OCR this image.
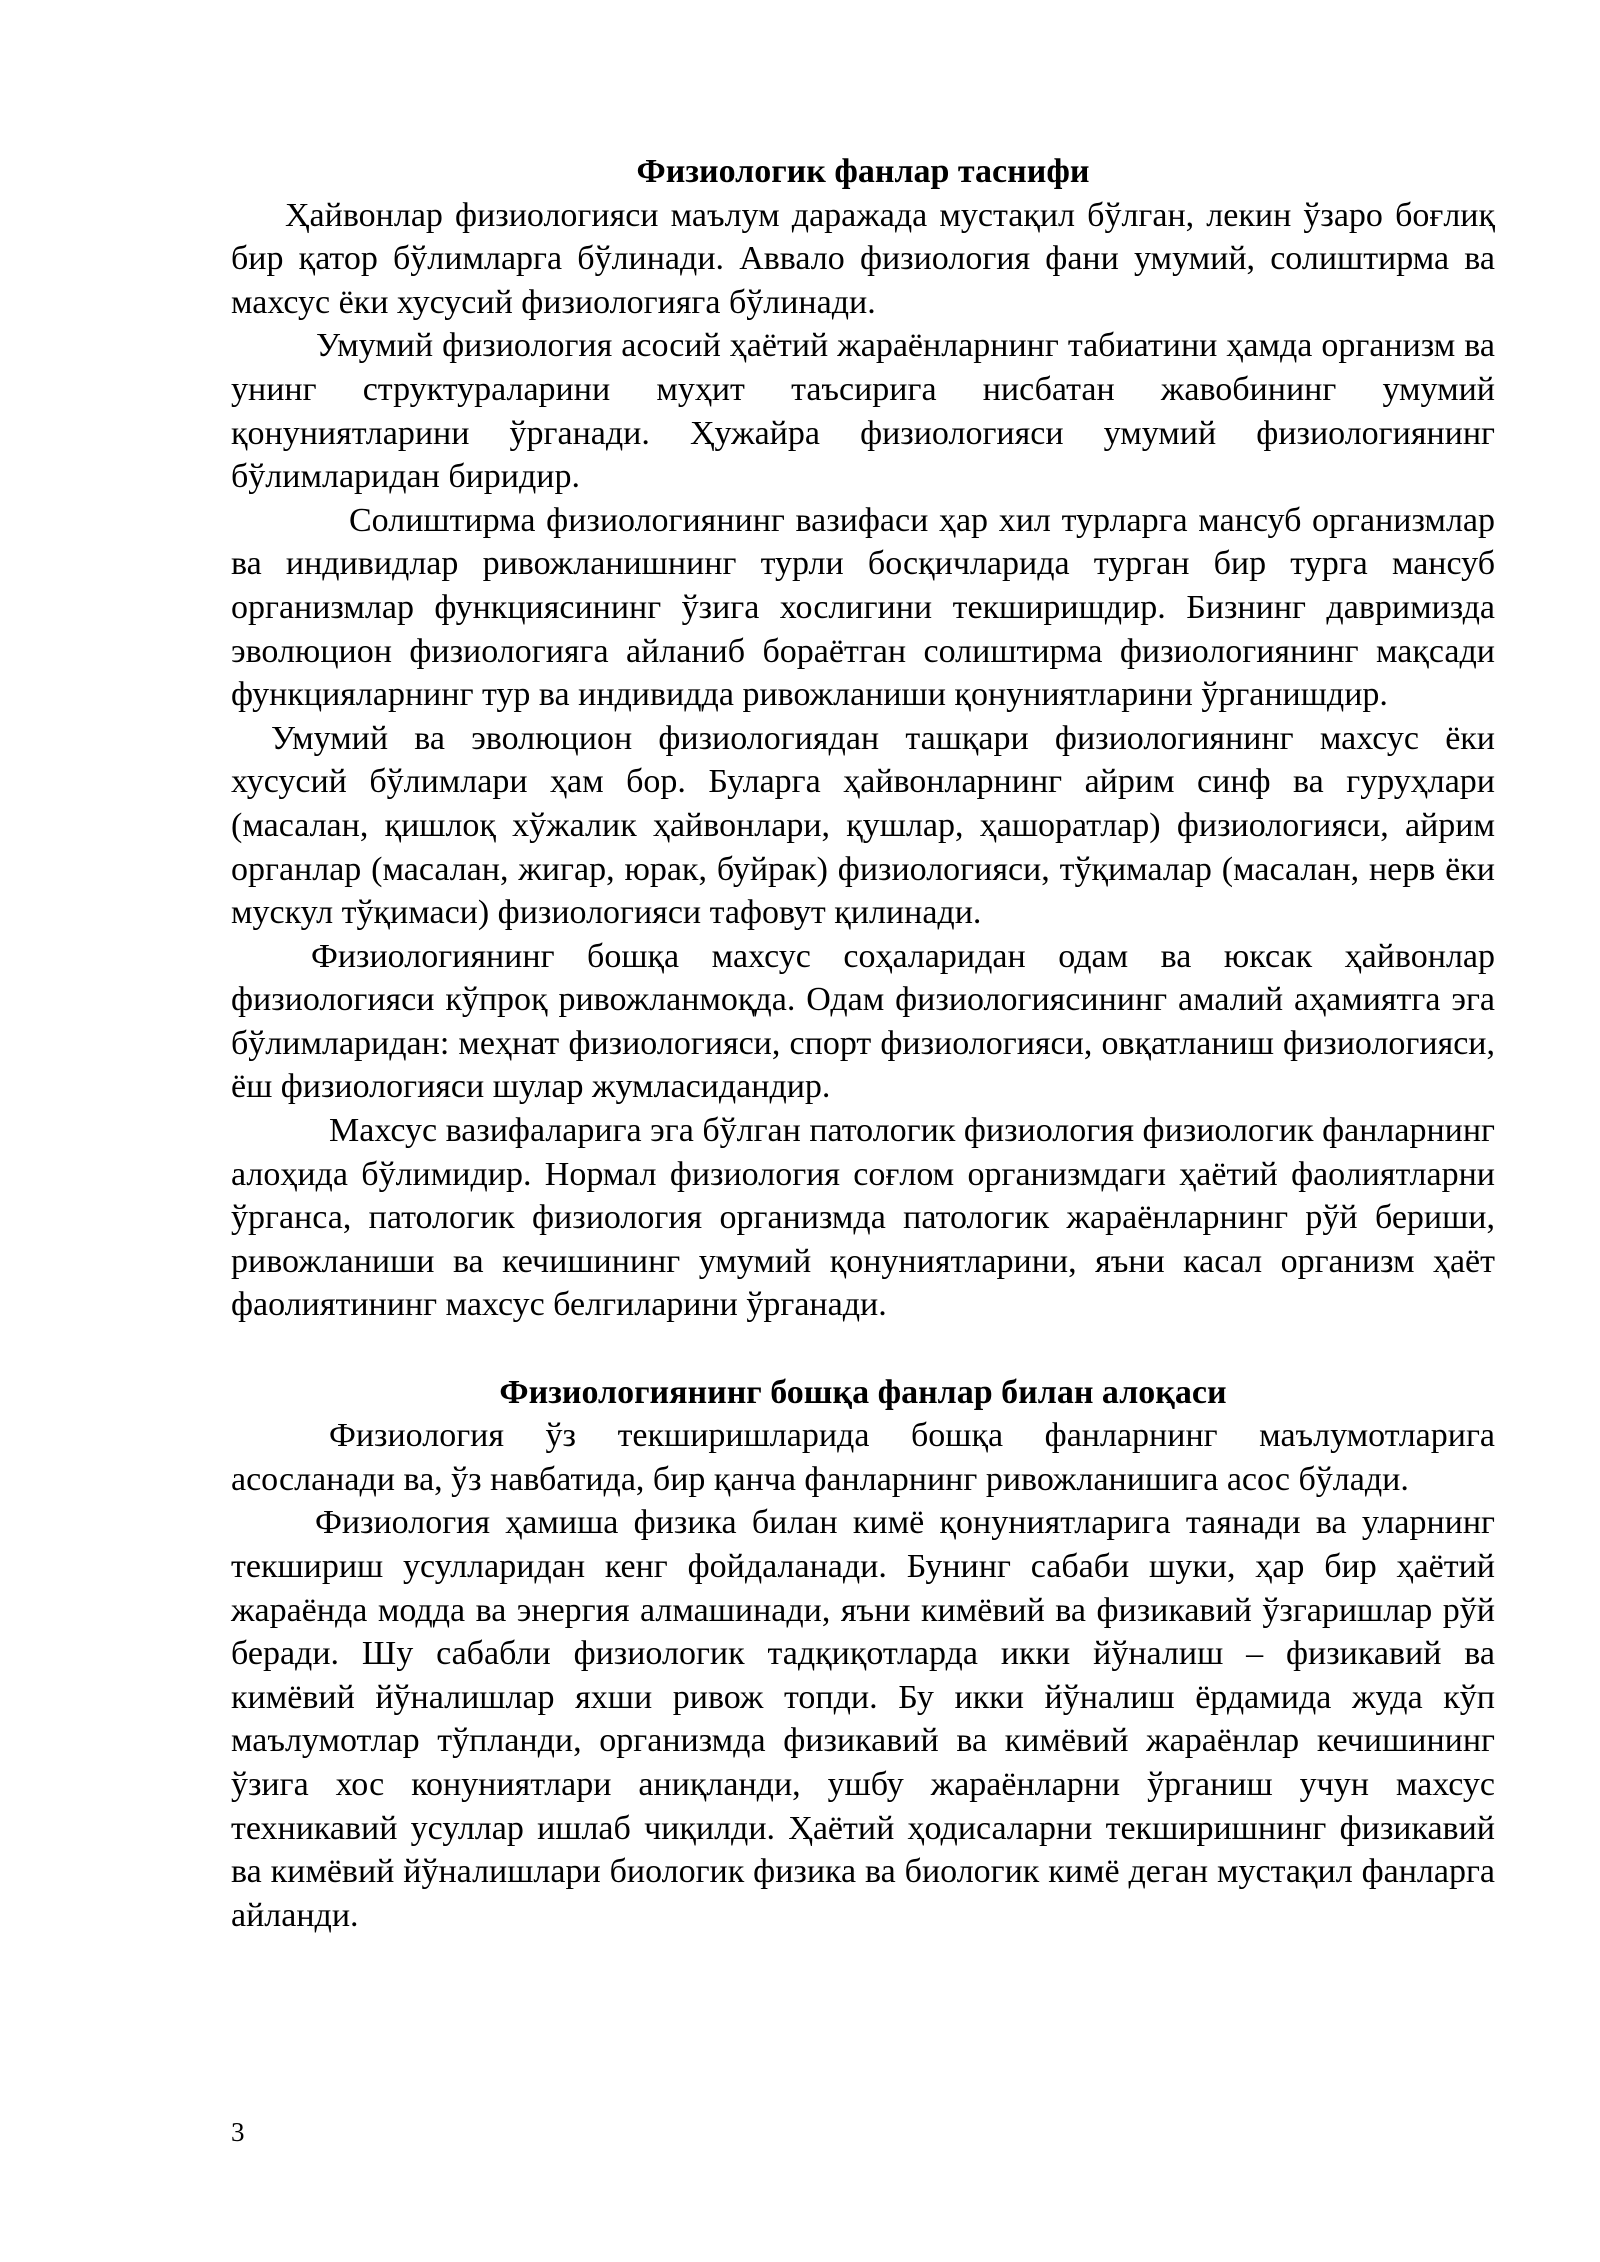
Физиологик фанлар таснифи

Ҳайвонлар физиологияси маълум даражада мустақил бўлган, лекин ўзаро боғлиқ бир қатор бўлимларга бўлинади. Аввало физиология фани умумий, солиштирма ва махсус ёки хусусий физиологияга бўлинади.

Умумий физиология асосий ҳаётий жараёнларнинг табиатини ҳамда организм ва унинг структураларини муҳит таъсирига нисбатан жавобининг умумий қонуниятларини ўрганади. Ҳужайра физиологияси умумий физиологиянинг бўлимларидан биридир.

Солиштирма физиологиянинг вазифаси ҳар хил турларга мансуб организмлар ва индивидлар ривожланишнинг турли босқичларида турган бир турга мансуб организмлар функциясининг ўзига хослигини текширишдир. Бизнинг давримизда эволюцион физиологияга айланиб бораётган солиштирма физиологиянинг мақсади функцияларнинг тур ва индивидда ривожланиши қонуниятларини ўрганишдир.

Умумий ва эволюцион физиологиядан ташқари физиологиянинг махсус ёки хусусий бўлимлари ҳам бор. Буларга ҳайвонларнинг айрим синф ва гуруҳлари (масалан, қишлоқ хўжалик ҳайвонлари, қушлар, ҳашоратлар) физиологияси, айрим органлар (масалан, жигар, юрак, буйрак) физиологияси, тўқималар (масалан, нерв ёки мускул тўқимаси) физиологияси тафовут қилинади.

Физиологиянинг бошқа махсус соҳаларидан одам ва юксак ҳайвонлар физиологияси кўпроқ ривожланмоқда. Одам физиологиясининг амалий аҳамиятга эга бўлимларидан: меҳнат физиологияси, спорт физиологияси, овқатланиш физиологияси, ёш физиологияси шулар жумласидандир.

Махсус вазифаларига эга бўлган патологик физиология физиологик фанларнинг алоҳида бўлимидир. Нормал физиология соғлом организмдаги ҳаётий фаолиятларни ўрганса, патологик физиология организмда патологик жараёнларнинг рўй бериши, ривожланиши ва кечишининг умумий қонуниятларини, яъни касал организм ҳаёт фаолиятининг махсус белгиларини ўрганади.

Физиологиянинг бошқа фанлар билан алоқаси

Физиология ўз текширишларида бошқа фанларнинг маълумотларига асосланади ва, ўз навбатида, бир қанча фанларнинг ривожланишига асос бўлади.

Физиология ҳамиша физика билан кимё қонуниятларига таянади ва уларнинг текшириш усулларидан кенг фойдаланади. Бунинг сабаби шуки, ҳар бир ҳаётий жараёнда модда ва энергия алмашинади, яъни кимёвий ва физикавий ўзгаришлар рўй беради. Шу сабабли физиологик тадқиқотларда икки йўналиш – физикавий ва кимёвий йўналишлар яхши ривож топди. Бу икки йўналиш ёрдамида жуда кўп маълумотлар тўпланди, организмда физикавий ва кимёвий жараёнлар кечишининг ўзига хос конуниятлари аниқланди, ушбу жараёнларни ўрганиш учун махсус техникавий усуллар ишлаб чиқилди. Ҳаётий ҳодисаларни текширишнинг физикавий ва кимёвий йўналишлари биологик физика ва биологик кимё деган мустақил фанларга айланди.

3
